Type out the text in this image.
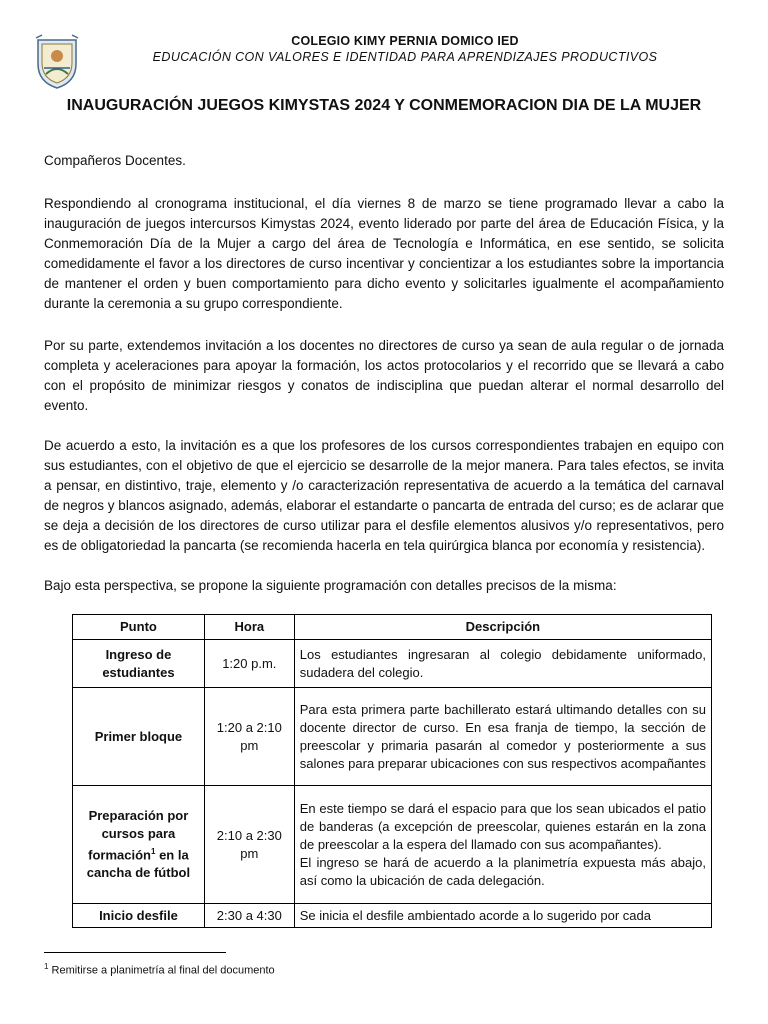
COLEGIO KIMY PERNIA DOMICO IED
EDUCACIÓN CON VALORES E IDENTIDAD PARA APRENDIZAJES PRODUCTIVOS
INAUGURACIÓN JUEGOS KIMYSTAS 2024 Y CONMEMORACION DIA DE LA MUJER
Compañeros Docentes.

Respondiendo al cronograma institucional, el día viernes 8 de marzo se tiene programado llevar a cabo la inauguración de juegos intercursos Kimystas 2024, evento liderado por parte del área de Educación Física, y la Conmemoración Día de la Mujer a cargo del área de Tecnología e Informática, en ese sentido, se solicita comedidamente el favor a los directores de curso incentivar y concientizar a los estudiantes sobre la importancia de mantener el orden y buen comportamiento para dicho evento y solicitarles igualmente el acompañamiento durante la ceremonia a su grupo correspondiente.

Por su parte, extendemos invitación a los docentes no directores de curso ya sean de aula regular o de jornada completa y aceleraciones para apoyar la formación, los actos protocolarios y el recorrido que se llevará a cabo con el propósito de minimizar riesgos y conatos de indisciplina que puedan alterar el normal desarrollo del evento.

De acuerdo a esto, la invitación es a que los profesores de los cursos correspondientes trabajen en equipo con sus estudiantes, con el objetivo de que el ejercicio se desarrolle de la mejor manera. Para tales efectos, se invita a pensar, en distintivo, traje, elemento y /o caracterización representativa de acuerdo a la temática del carnaval de negros y blancos asignado, además, elaborar el estandarte o pancarta de entrada del curso; es de aclarar que se deja a decisión de los directores de curso utilizar para el desfile elementos alusivos y/o representativos, pero es de obligatoriedad la pancarta (se recomienda hacerla en tela quirúrgica blanca por economía y resistencia).

Bajo esta perspectiva, se propone la siguiente programación con detalles precisos de la misma:

Punto	Hora	Descripción
Ingreso de estudiantes	1:20 p.m.	Los estudiantes ingresaran al colegio debidamente uniformado, sudadera del colegio.
Primer bloque	1:20 a 2:10 pm	Para esta primera parte bachillerato estará ultimando detalles con su docente director de curso. En esa franja de tiempo, la sección de preescolar y primaria pasarán al comedor y posteriormente a sus salones para preparar ubicaciones con sus respectivos acompañantes
Preparación por cursos para formación$^1$ en la cancha de fútbol	2:10 a 2:30 pm	En este tiempo se dará el espacio para que los sean ubicados el patio de banderas (a excepción de preescolar, quienes estarán en la zona de preescolar a la espera del llamado con sus acompañantes).
El ingreso se hará de acuerdo a la planimetría expuesta más abajo, así como la ubicación de cada delegación.

Inicio desfile	2:30 a 4:30	Se inicia el desfile ambientado acorde a lo sugerido por cada
$^1$ Remitirse a planimetría al final del documento
